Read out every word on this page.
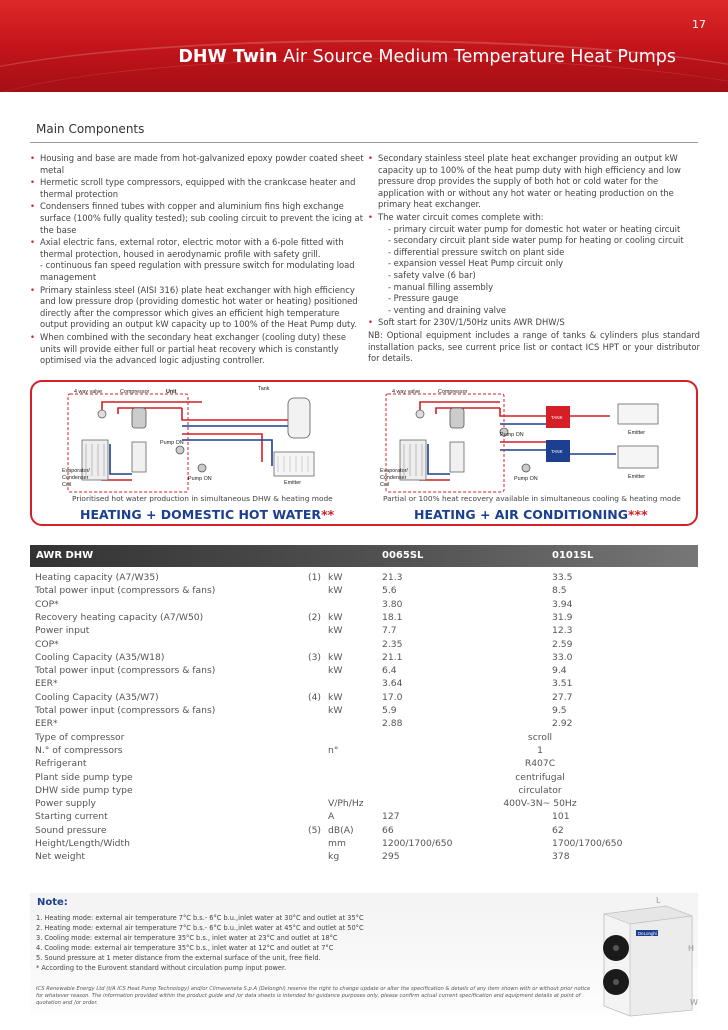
17
DHW Twin Air Source Medium Temperature Heat Pumps
Main Components
• Housing and base are made from hot-galvanized epoxy powder coated sheet metal
• Hermetic scroll type compressors, equipped with the crankcase heater and thermal protection
• Condensers finned tubes with copper and aluminium fins high exchange surface (100% fully quality tested); sub cooling circuit to prevent the icing at the base
• Axial electric fans, external rotor, electric motor with a 6-pole fitted with thermal protection, housed in aerodynamic profile with safety grill.
- continuous fan speed regulation with pressure switch for modulating load management
• Primary stainless steel (AISI 316) plate heat exchanger with high efficiency and low pressure drop (providing domestic hot water or heating) positioned directly after the compressor which gives an efficient high temperature output providing an output kW capacity up to 100% of the Heat Pump duty.
• When combined with the secondary heat exchanger (cooling duty) these units will provide either full or partial heat recovery which is constantly optimised via the advanced logic adjusting controller.
• Secondary stainless steel plate heat exchanger providing an output kW capacity up to 100% of the heat pump duty with high efficiency and low pressure drop provides the supply of both hot or cold water for the application with or without any hot water or heating production on the primary heat exchanger.
• The water circuit comes complete with:
- primary circuit water pump for domestic hot water or heating circuit
- secondary circuit plant side water pump for heating or cooling circuit
- differential pressure switch on plant side
- expansion vessel Heat Pump circuit only
- safety valve (6 bar)
- manual filling assembly
- Pressure gauge
- venting and draining valve
• Soft start for 230V/1/50Hz units AWR DHW/S
NB: Optional equipment includes a range of tanks & cylinders plus standard installation packs, see current price list or contact ICS HPT or your distributor for details.
4 way valve	Compressor	Unit	Tank
Pump ON
Pump ON
Emitter
Evaporator/
Condenser
Coil
TANK
TANK
4 way valve	Compressor
Pump ON
Pump ON
Emitter
Emitter
Evaporator/
Condenser
Coil
Prioritised hot water production in simultaneous DHW & heating mode	Partial or 100% heat recovery available in simultaneous cooling & heating mode
HEATING + DOMESTIC HOT WATER**	HEATING + AIR CONDITIONING***
AWR DHW	0065SL	0101SL
Heating capacity (A7/W35)	(1) kW	21.3	33.5
Total power input (compressors & fans)	kW	5.6	8.5
COP*	3.80	3.94
Recovery heating capacity (A7/W50)	(2) kW	18.1	31.9
Power input	kW	7.7	12.3
COP*	2.35	2.59
Cooling Capacity (A35/W18)	(3) kW	21.1	33.0
Total power input (compressors & fans)	kW	6.4	9.4
EER*	3.64	3.51
Cooling Capacity (A35/W7)	(4) kW	17.0	27.7
Total power input (compressors & fans)	kW	5.9	9.5
EER*	2.88	2.92
Type of compressor	scroll
N.° of compressors	n°	1
Refrigerant	R407C
Plant side pump type	centrifugal
DHW side pump type	circulator
Power supply	V/Ph/Hz	400V-3N~ 50Hz
Starting current	A	127	101
Sound pressure	(5) dB(A)	66	62
Height/Length/Width	mm	1200/1700/650	1700/1700/650
Net weight	kg	295	378
Note:
1. Heating mode: external air temperature 7°C b.s.- 6°C b.u.,inlet water at 30°C and outlet at 35°C
2. Heating mode: external air temperature 7°C b.s.- 6°C b.u.,inlet water at 45°C and outlet at 50°C
3. Cooling mode: external air temperature 35°C b.s., inlet water at 23°C and outlet at 18°C
4. Cooling mode: external air temperature 35°C b.s., inlet water at 12°C and outlet at 7°C
5. Sound pressure at 1 meter distance from the external surface of the unit, free field.
* According to the Eurovent standard without circulation pump input power.
ICS Renewable Energy Ltd (t/A ICS Heat Pump Technology) and/or Climaveneta S.p.A (Delonghi) reserve the right to change update or alter the specification & details of any item shown with or without prior notice for whatever reason. The information provided within the product guide and /or data sheets is intended for guidance purposes only, please confirm actual current specification and equipment details at point of quotation and /or order.
DeLonghi
L
H
W
